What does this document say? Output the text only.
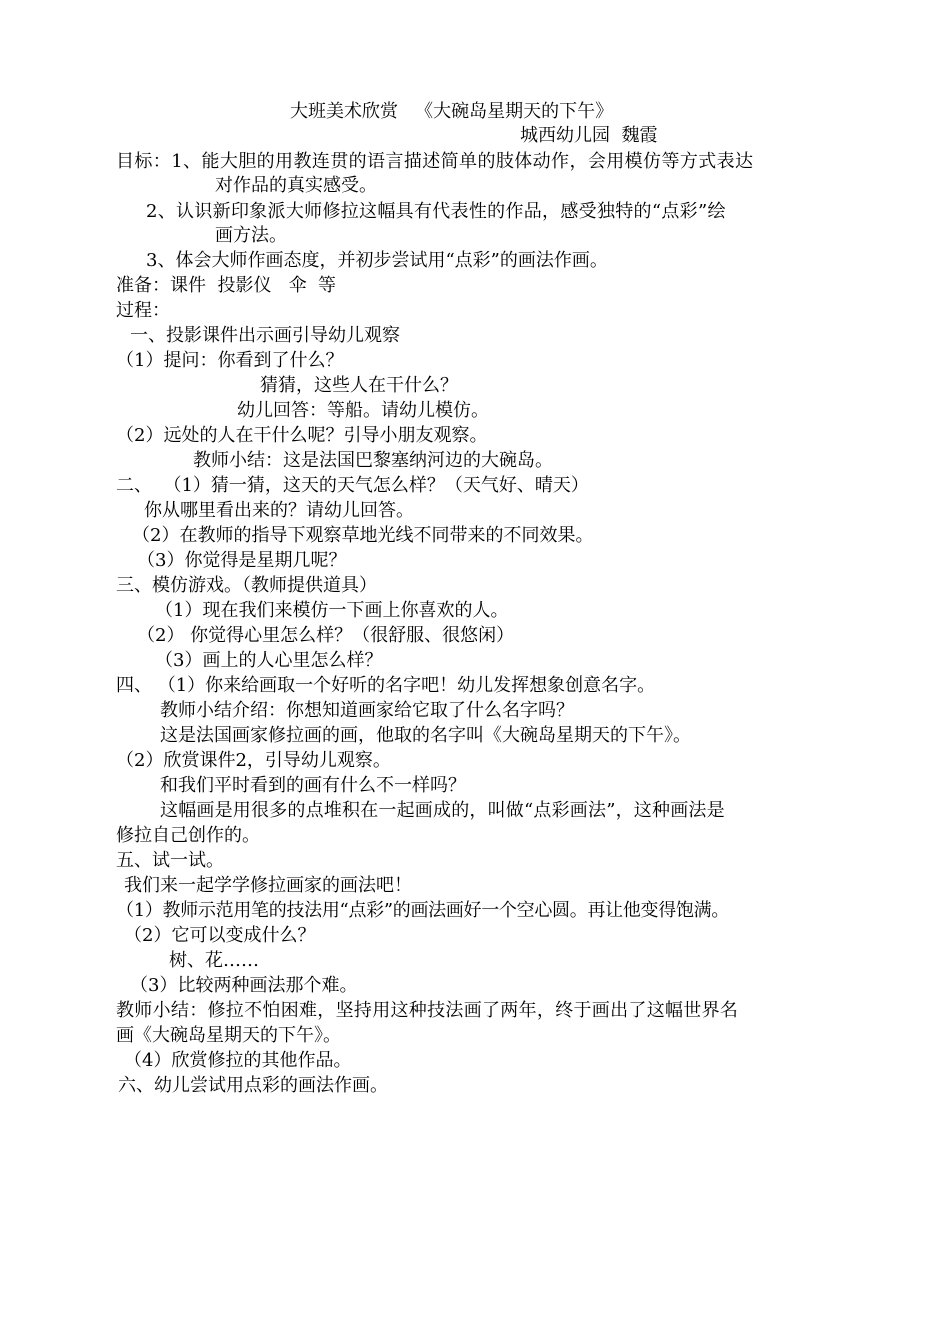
大班美术欣赏   《大碗岛星期天的下午》
城西幼儿园  魏霞
目标：1、能大胆的用教连贯的语言描述简单的肢体动作，会用模仿等方式表达
对作品的真实感受。
2、认识新印象派大师修拉这幅具有代表性的作品，感受独特的“点彩”绘
画方法。
3、体会大师作画态度，并初步尝试用“点彩”的画法作画。
准备：课件  投影仪   伞  等
过程：
一、投影课件出示画引导幼儿观察
（1）提问：你看到了什么？
猜猜，这些人在干什么？
幼儿回答：等船。请幼儿模仿。
（2）远处的人在干什么呢？引导小朋友观察。
教师小结：这是法国巴黎塞纳河边的大碗岛。
二、  （1）猜一猜，这天的天气怎么样？（天气好、晴天）
你从哪里看出来的？请幼儿回答。
（2）在教师的指导下观察草地光线不同带来的不同效果。
（3）你觉得是星期几呢？
三、模仿游戏。（教师提供道具）
（1）现在我们来模仿一下画上你喜欢的人。
（2） 你觉得心里怎么样？（很舒服、很悠闲）
（3）画上的人心里怎么样？
四、 （1）你来给画取一个好听的名字吧！幼儿发挥想象创意名字。
教师小结介绍：你想知道画家给它取了什么名字吗？
这是法国画家修拉画的画，他取的名字叫《大碗岛星期天的下午》。
（2）欣赏课件2，引导幼儿观察。
和我们平时看到的画有什么不一样吗？
这幅画是用很多的点堆积在一起画成的，叫做“点彩画法”，这种画法是
修拉自己创作的。
五、试一试。
我们来一起学学修拉画家的画法吧！
（1）教师示范用笔的技法用“点彩”的画法画好一个空心圆。再让他变得饱满。
（2）它可以变成什么？
树、花……
（3）比较两种画法那个难。
教师小结：修拉不怕困难，坚持用这种技法画了两年，终于画出了这幅世界名
画《大碗岛星期天的下午》。
（4）欣赏修拉的其他作品。
六、幼儿尝试用点彩的画法作画。
